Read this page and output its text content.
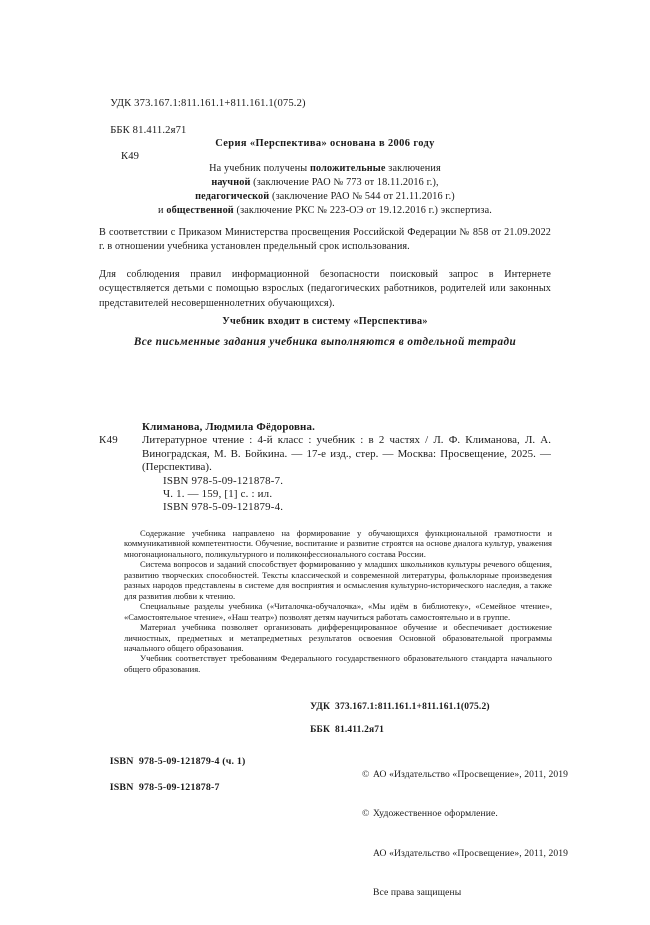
УДК 373.167.1:811.161.1+811.161.1(075.2)

ББК 81.411.2я71

К49

Серия «Перспектива» основана в 2006 году
На учебник получены положительные заключения
научной (заключение РАО № 773 от 18.11.2016 г.),
педагогической (заключение РАО № 544 от 21.11.2016 г.)
и общественной (заключение РКС № 223-ОЭ от 19.12.2016 г.) экспертиза.
В соответствии с Приказом Министерства просвещения Российской Федерации № 858 от 21.09.2022 г. в отношении учебника установлен предельный срок использования.
Для соблюдения правил информационной безопасности поисковый запрос в Интернете осуществляется детьми с помощью взрослых (педагогических работников, родителей или законных представителей несовершеннолетних обучающихся).
Учебник входит в систему «Перспектива»
Все письменные задания учебника выполняются в отдельной тетради
Климанова, Людмила Фёдоровна.
К49 Литературное чтение : 4-й класс : учебник : в 2 частях / Л. Ф. Климанова, Л. А. Виноградская, М. В. Бойкина. — 17-е изд., стер. — Москва: Просвещение, 2025. — (Перспектива).
ISBN 978-5-09-121878-7.
Ч. 1. — 159, [1] с. : ил.
ISBN 978-5-09-121879-4.

Содержание учебника направлено на формирование у обучающихся функциональной грамотности и коммуникативной компетентности. Обучение, воспитание и развитие строятся на основе диалога культур, уважения многонационального, поликультурного и поликонфессионального состава России.

Система вопросов и заданий способствует формированию у младших школьников культуры речевого общения, развитию творческих способностей. Тексты классической и современной литературы, фольклорные произведения разных народов представлены в системе для восприятия и осмысления культурно-исторического наследия, а также для развития любви к чтению.

Специальные разделы учебника («Читалочка-обучалочка», «Мы идём в библиотеку», «Семейное чтение», «Самостоятельное чтение», «Наш театр») позволят детям научиться работать самостоятельно и в группе.

Материал учебника позволяет организовать дифференцированное обучение и обеспечивает достижение личностных, предметных и метапредметных результатов освоения Основной образовательной программы начального общего образования.

Учебник соответствует требованиям Федерального государственного образовательного стандарта начального общего образования.

УДК  373.167.1:811.161.1+811.161.1(075.2)

ББК  81.411.2я71

ISBN  978-5-09-121879-4 (ч. 1)

ISBN  978-5-09-121878-7

© АО «Издательство «Просвещение», 2011, 2019

© Художественное оформление.

АО «Издательство «Просвещение», 2011, 2019

Все права защищены
